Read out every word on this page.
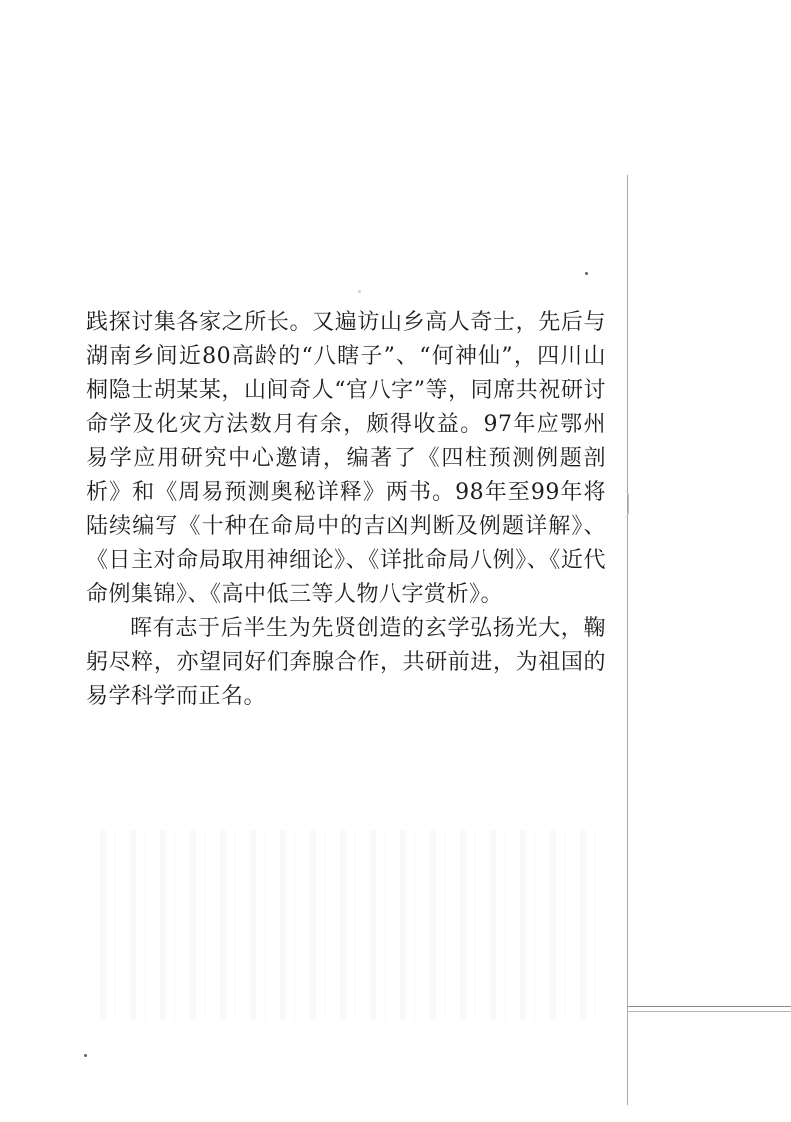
践探讨集各家之所长。又遍访山乡高人奇士，先后与湖南乡间近80高龄的“八瞎子”、“何神仙”，四川山桐隐士胡某某，山间奇人“官八字”等，同席共祝研讨命学及化灾方法数月有余，颇得收益。97年应鄂州易学应用研究中心邀请，编著了《四柱预测例题剖析》和《周易预测奥秘详释》两书。98年至99年将陆续编写《十种在命局中的吉凶判断及例题详解》、《日主对命局取用神细论》、《详批命局八例》、《近代命例集锦》、《高中低三等人物八字赏析》。

晖有志于后半生为先贤创造的玄学弘扬光大，鞠躬尽粹，亦望同好们奔腺合作，共研前进，为祖国的易学科学而正名。
